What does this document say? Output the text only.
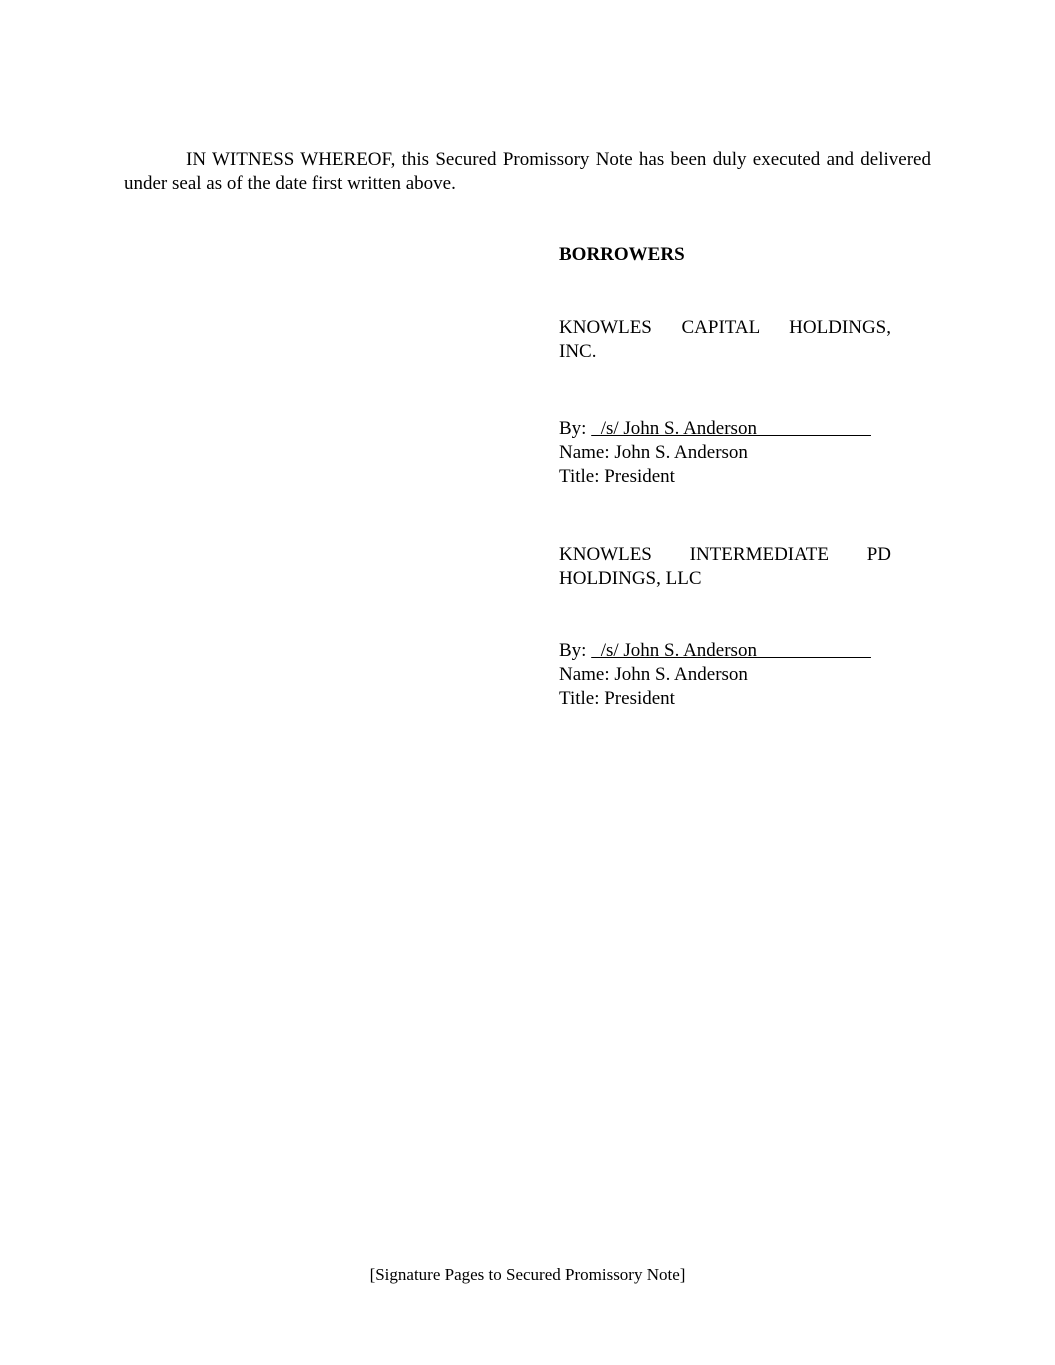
IN WITNESS WHEREOF, this Secured Promissory Note has been duly executed and delivered under seal as of the date first written above.

BORROWERS

KNOWLES CAPITAL HOLDINGS,
INC.

By:   /s/ John S. Anderson

Name: John S. Anderson

Title: President

KNOWLES INTERMEDIATE PD
HOLDINGS, LLC

By:   /s/ John S. Anderson

Name: John S. Anderson

Title: President

[Signature Pages to Secured Promissory Note]
